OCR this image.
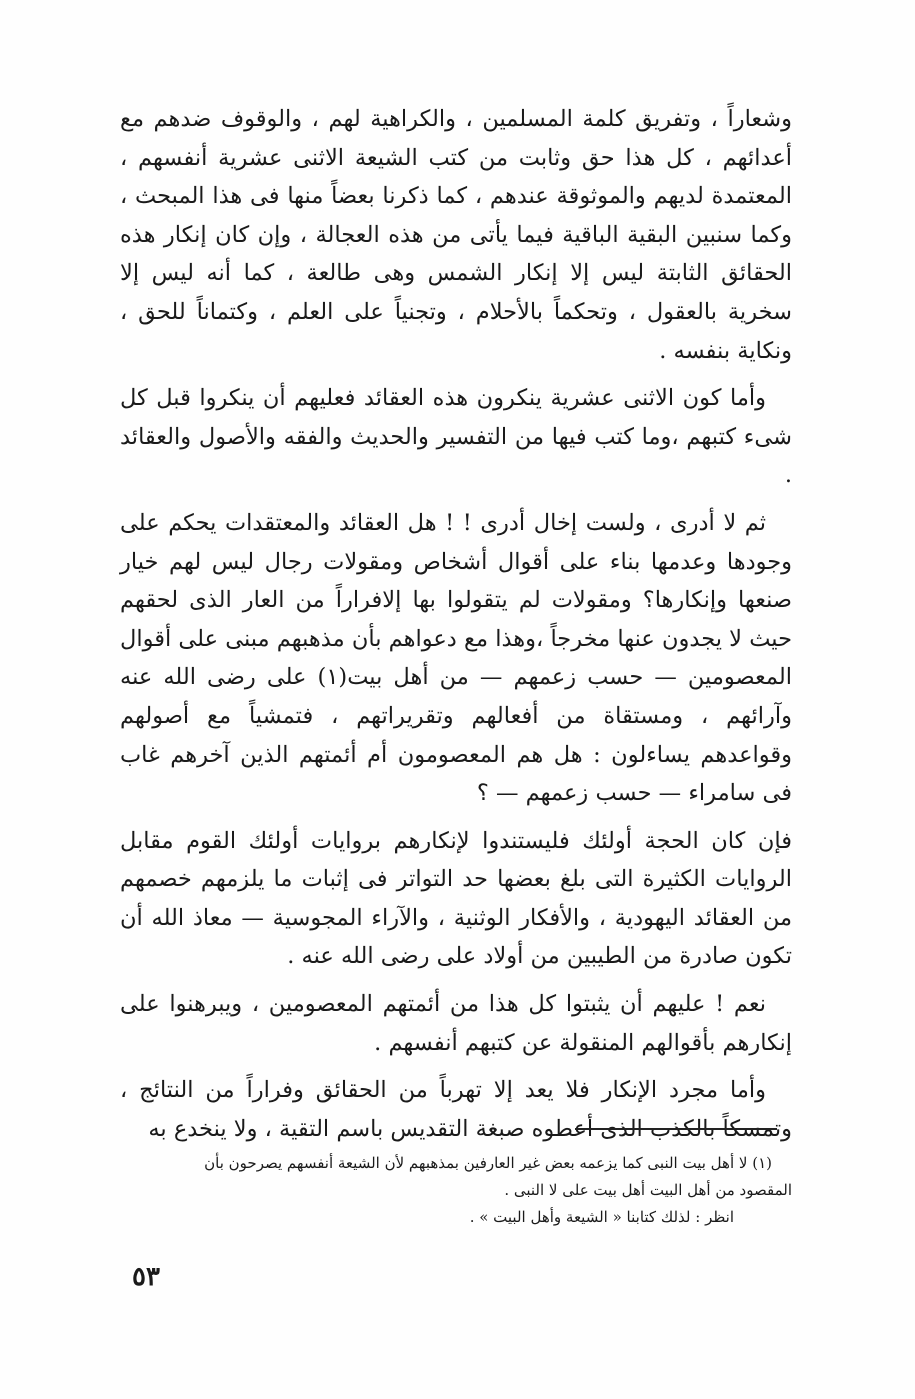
وشعاراً ، وتفريق كلمة المسلمين ، والكراهية لهم ، والوقوف ضدهم مع أعدائهم ، كل هذا حق وثابت من كتب الشيعة الاثنى عشرية أنفسهم ، المعتمدة لديهم والموثوقة عندهم ، كما ذكرنا بعضاً منها فى هذا المبحث ، وكما سنبين البقية الباقية فيما يأتى من هذه العجالة ، وإن كان إنكار هذه الحقائق الثابتة ليس إلا إنكار الشمس وهى طالعة ، كما أنه ليس إلا سخرية بالعقول ، وتحكماً بالأحلام ، وتجنياً على العلم ، وكتماناً للحق ، ونكاية بنفسه .

وأما كون الاثنى عشرية ينكرون هذه العقائد فعليهم أن ينكروا قبل كل شىء كتبهم ،وما كتب فيها من التفسير والحديث والفقه والأصول والعقائد .

ثم لا أدرى ، ولست إخال أدرى ! ! هل العقائد والمعتقدات يحكم على وجودها وعدمها بناء على أقوال أشخاص ومقولات رجال ليس لهم خيار صنعها وإنكارها؟ ومقولات لم يتقولوا بها إلافراراً من العار الذى لحقهم حيث لا يجدون عنها مخرجاً ،وهذا مع دعواهم بأن مذهبهم مبنى على أقوال المعصومين — حسب زعمهم — من أهل بيت(١) على رضى الله عنه وآرائهم ، ومستقاة من أفعالهم وتقريراتهم ، فتمشياً مع أصولهم وقواعدهم يساءلون : هل هم المعصومون أم أئمتهم الذين آخرهم غاب فى سامراء — حسب زعمهم — ؟

فإن كان الحجة أولئك فليستندوا لإنكارهم بروايات أولئك القوم مقابل الروايات الكثيرة التى بلغ بعضها حد التواتر فى إثبات ما يلزمهم خصمهم من العقائد اليهودية ، والأفكار الوثنية ، والآراء المجوسية — معاذ الله أن تكون صادرة من الطيبين من أولاد على رضى الله عنه .

نعم ! عليهم أن يثبتوا كل هذا من أئمتهم المعصومين ، ويبرهنوا على إنكارهم بأقوالهم المنقولة عن كتبهم أنفسهم .

وأما مجرد الإنكار فلا يعد إلا تهرباً من الحقائق وفراراً من النتائج ، وتمسكاً بالكذب الذى أعطوه صبغة التقديس باسم التقية ، ولا ينخدع به

(١) لا أهل بيت النبى كما يزعمه بعض غير العارفين بمذهبهم لأن الشيعة أنفسهم يصرحون بأن

المقصود من أهل البيت أهل بيت على لا النبى .

انظر : لذلك كتابنا « الشيعة وأهل البيت » .

٥٣
